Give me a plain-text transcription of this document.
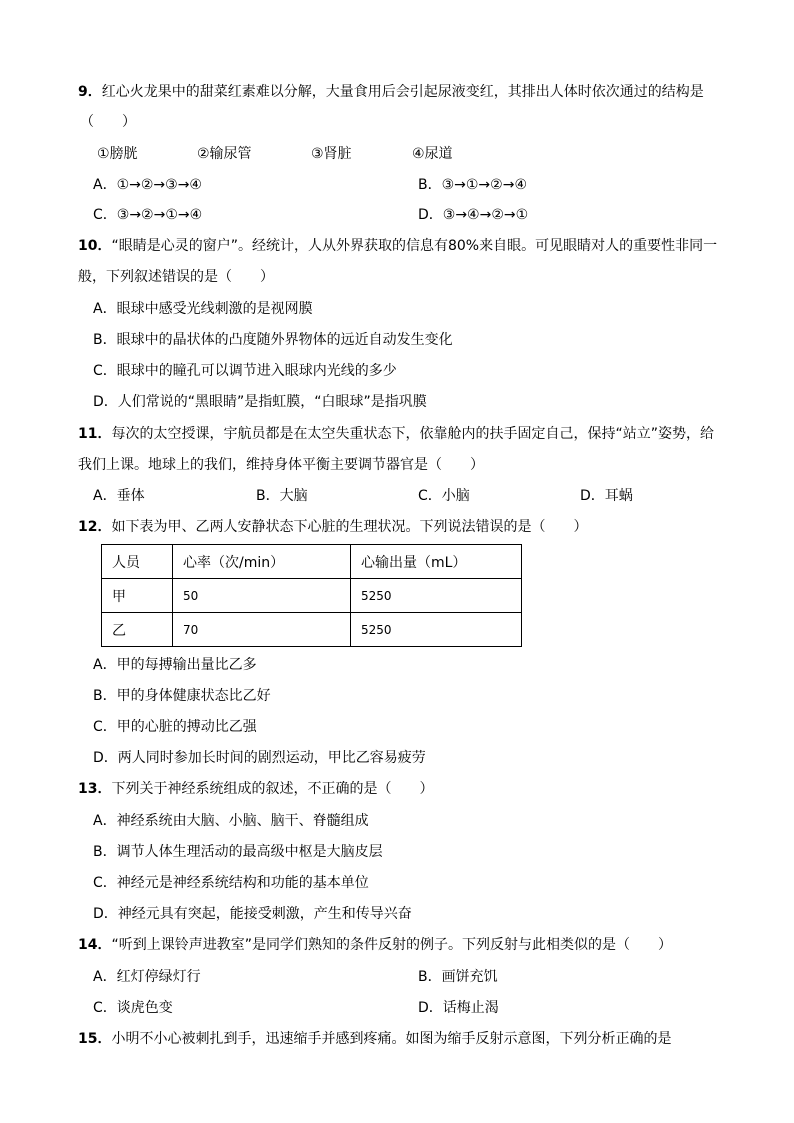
9．红心火龙果中的甜菜红素难以分解，大量食用后会引起尿液变红，其排出人体时依次通过的结构是
（　　）
①膀胱	②输尿管	③肾脏	④尿道
A．①→②→③→④	B．③→①→②→④
C．③→②→①→④	D．③→④→②→①
10．“眼睛是心灵的窗户”。经统计，人从外界获取的信息有80%来自眼。可见眼睛对人的重要性非同一
般，下列叙述错误的是（　　）
A．眼球中感受光线刺激的是视网膜
B．眼球中的晶状体的凸度随外界物体的远近自动发生变化
C．眼球中的瞳孔可以调节进入眼球内光线的多少
D．人们常说的“黑眼睛”是指虹膜，“白眼球”是指巩膜
11．每次的太空授课，宇航员都是在太空失重状态下，依靠舱内的扶手固定自己，保持“站立”姿势，给
我们上课。地球上的我们，维持身体平衡主要调节器官是（　　）
A．垂体	B．大脑	C．小脑	D．耳蜗
12．如下表为甲、乙两人安静状态下心脏的生理状况。下列说法错误的是（　　）
人员	心率（次/min）	心输出量（mL）
甲	50	5250
乙	70	5250
A．甲的每搏输出量比乙多
B．甲的身体健康状态比乙好
C．甲的心脏的搏动比乙强
D．两人同时参加长时间的剧烈运动，甲比乙容易疲劳
13．下列关于神经系统组成的叙述，不正确的是（　　）
A．神经系统由大脑、小脑、脑干、脊髓组成
B．调节人体生理活动的最高级中枢是大脑皮层
C．神经元是神经系统结构和功能的基本单位
D．神经元具有突起，能接受刺激，产生和传导兴奋
14．“听到上课铃声进教室”是同学们熟知的条件反射的例子。下列反射与此相类似的是（　　）
A．红灯停绿灯行	B．画饼充饥
C．谈虎色变	D．话梅止渴
15．小明不小心被刺扎到手，迅速缩手并感到疼痛。如图为缩手反射示意图，下列分析正确的是
